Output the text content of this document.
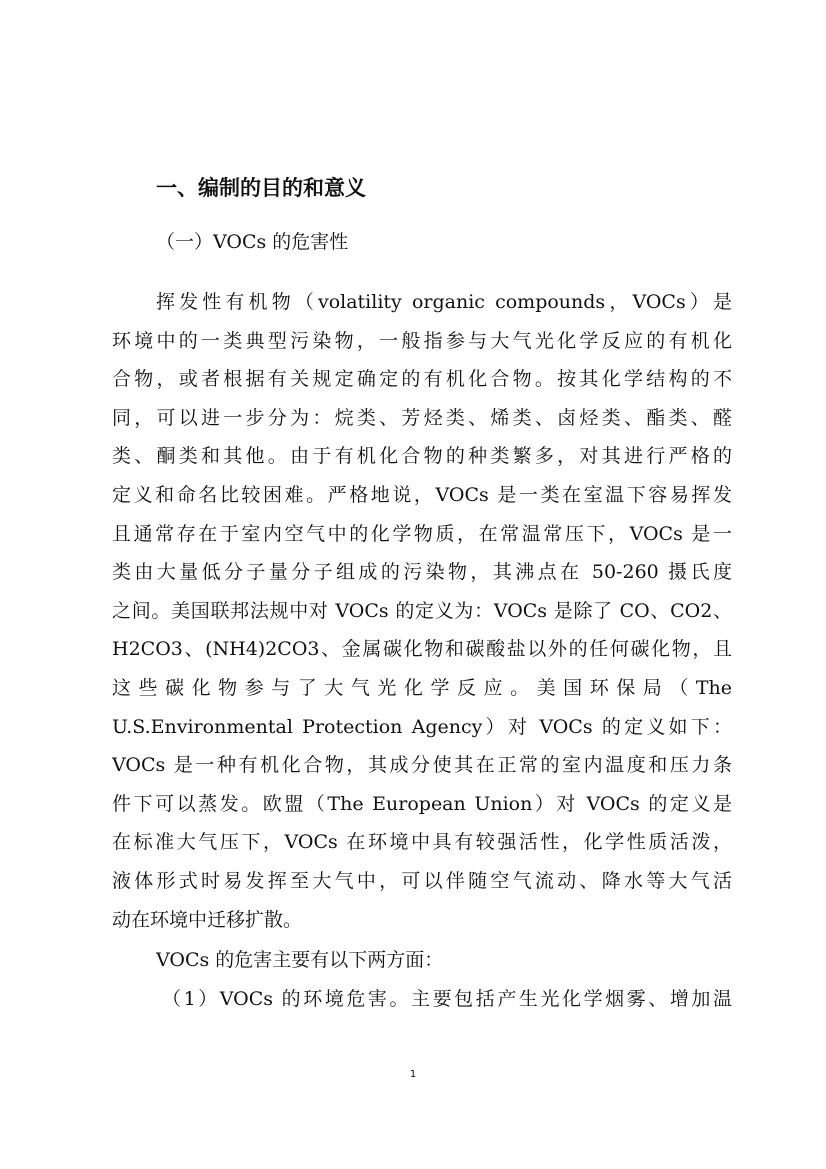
一、编制的目的和意义
（一）VOCs 的危害性
挥发性有机物（volatility organic compounds，VOCs）是
环境中的一类典型污染物，一般指参与大气光化学反应的有机化
合物，或者根据有关规定确定的有机化合物。按其化学结构的不
同，可以进一步分为：烷类、芳烃类、烯类、卤烃类、酯类、醛
类、酮类和其他。由于有机化合物的种类繁多，对其进行严格的
定义和命名比较困难。严格地说，VOCs 是一类在室温下容易挥发
且通常存在于室内空气中的化学物质，在常温常压下，VOCs 是一
类由大量低分子量分子组成的污染物，其沸点在 50-260 摄氏度
之间。美国联邦法规中对 VOCs 的定义为：VOCs 是除了 CO、CO2、
H2CO3、(NH4)2CO3、金属碳化物和碳酸盐以外的任何碳化物，且
这些碳化物参与了大气光化学反应。美国环保局（The
U.S.Environmental Protection Agency）对 VOCs 的定义如下：
VOCs 是一种有机化合物，其成分使其在正常的室内温度和压力条
件下可以蒸发。欧盟（The European Union）对 VOCs 的定义是
在标准大气压下，VOCs 在环境中具有较强活性，化学性质活泼，
液体形式时易发挥至大气中，可以伴随空气流动、降水等大气活
动在环境中迁移扩散。
VOCs 的危害主要有以下两方面：
（1）VOCs 的环境危害。主要包括产生光化学烟雾、增加温
1
